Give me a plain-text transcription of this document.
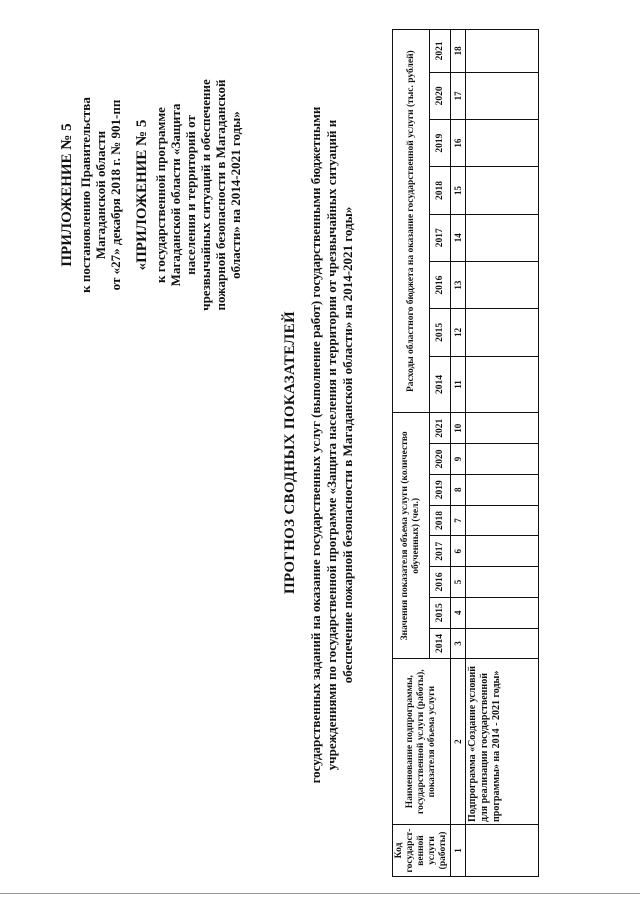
ПРИЛОЖЕНИЕ № 5 к постановлению Правительства Магаданской области от «27» декабря 2018 г. № 901-пп «ПРИЛОЖЕНИЕ № 5 к государственной программе Магаданской области «Защита населения и территорий от чрезвычайных ситуаций и обеспечение пожарной безопасности в Магаданской области» на 2014-2021 годы»
ПРОГНОЗ СВОДНЫХ ПОКАЗАТЕЛЕЙ государственных заданий на оказание государственных услуг (выполнение работ) государственными бюджетными учреждениями по государственной программе «Защита населения и территории от чрезвычайных ситуаций и обеспечение пожарной безопасности в Магаданской области» на 2014-2021 годы»
Код государст-венной услуги (работы)	Наименование подпрограммы, государственной услуги (работы), показателя объема услуги	Значения показателя объема услуги (количество обученных) (чел.)								Расходы областного бюджета на оказание государственной услуги (тыс. рублей)							
		2014	2015	2016	2017	2018	2019	2020	2021	2014	2015	2016	2017	2018	2019	2020	2021
1	2	3	4	5	6	7	8	9	10	11	12	13	14	15	16	17	18
	Подпрограмма «Создание условий для реализации государственной программы» на 2014 - 2021 годы»																
